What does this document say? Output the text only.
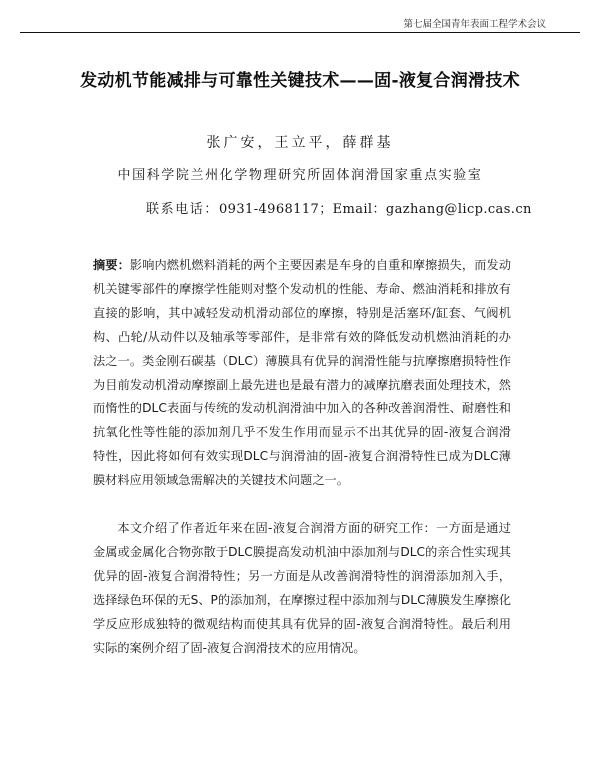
第七届全国青年表面工程学术会议
发动机节能减排与可靠性关键技术——固-液复合润滑技术
张广安，王立平，薛群基
中国科学院兰州化学物理研究所固体润滑国家重点实验室
联系电话：0931-4968117；Email：gazhang@licp.cas.cn
摘要：影响内燃机燃料消耗的两个主要因素是车身的自重和摩擦损失，而发动机关键零部件的摩擦学性能则对整个发动机的性能、寿命、燃油消耗和排放有直接的影响，其中减轻发动机滑动部位的摩擦，特别是活塞环/缸套、气阀机构、凸轮/从动件以及轴承等零部件，是非常有效的降低发动机燃油消耗的办法之一。类金刚石碳基（DLC）薄膜具有优异的润滑性能与抗摩擦磨损特性作为目前发动机滑动摩擦副上最先进也是最有潜力的减摩抗磨表面处理技术，然而惰性的DLC表面与传统的发动机润滑油中加入的各种改善润滑性、耐磨性和抗氧化性等性能的添加剂几乎不发生作用而显示不出其优异的固-液复合润滑特性，因此将如何有效实现DLC与润滑油的固-液复合润滑特性已成为DLC薄膜材料应用领域急需解决的关键技术问题之一。
本文介绍了作者近年来在固-液复合润滑方面的研究工作：一方面是通过金属或金属化合物弥散于DLC膜提高发动机油中添加剂与DLC的亲合性实现其优异的固-液复合润滑特性；另一方面是从改善润滑特性的润滑添加剂入手，选择绿色环保的无S、P的添加剂，在摩擦过程中添加剂与DLC薄膜发生摩擦化学反应形成独特的微观结构而使其具有优异的固-液复合润滑特性。最后利用实际的案例介绍了固-液复合润滑技术的应用情况。
